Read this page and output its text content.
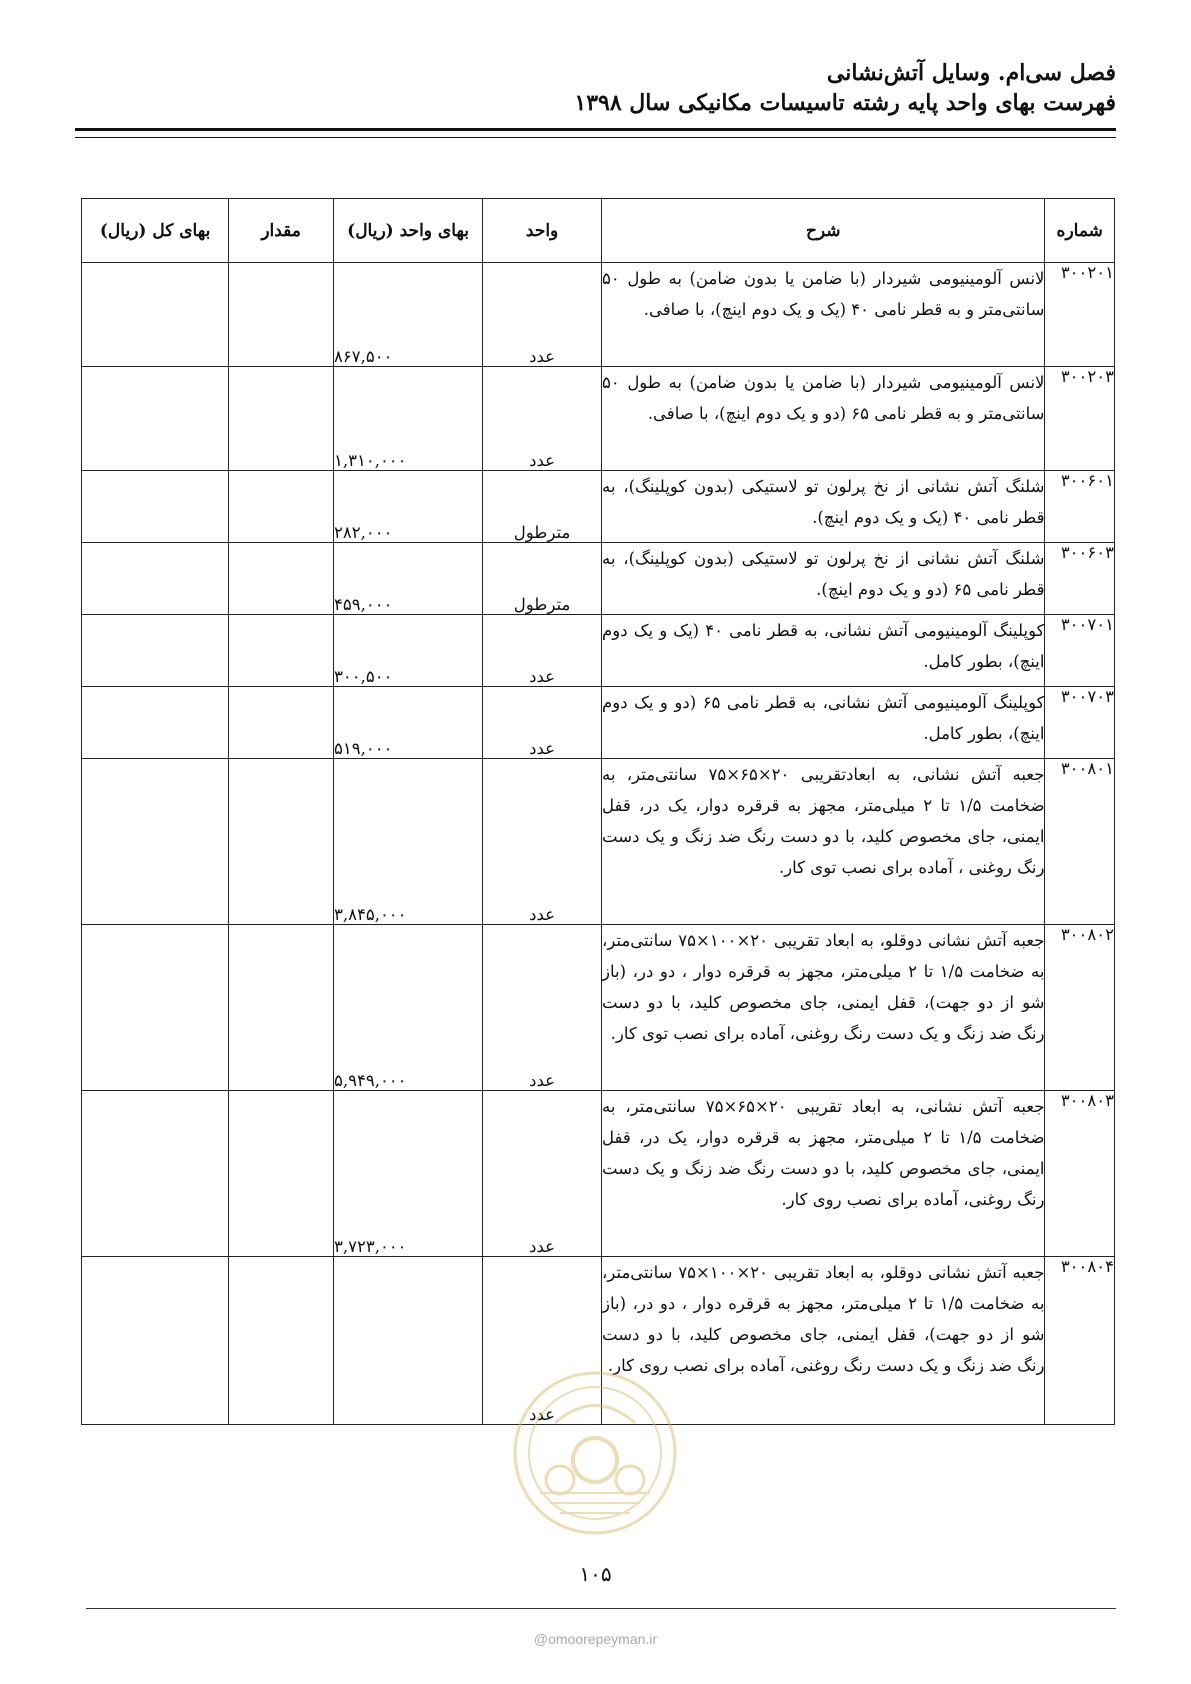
فصل سی‌ام. وسایل آتش‌نشانی

فهرست بهای واحد پایه رشته تاسیسات مکانیکی سال ۱۳۹۸

شماره	شرح	واحد	بهای واحد (ریال)	مقدار	بهای کل (ریال)
۳۰۰۲۰۱	لانس آلومینیومی شیردار (با ضامن یا بدون ضامن) به طول ۵۰ سانتی‌متر و به قطر نامی ۴۰ (یک و یک دوم اینچ)، با صافی.	عدد	۸۶۷,۵۰۰		
۳۰۰۲۰۳	لانس آلومینیومی شیردار (با ضامن یا بدون ضامن) به طول ۵۰ سانتی‌متر و به قطر نامی ۶۵ (دو و یک دوم اینچ)، با صافی.	عدد	۱,۳۱۰,۰۰۰		
۳۰۰۶۰۱	شلنگ آتش نشانی از نخ پرلون تو لاستیکی (بدون کوپلینگ)، به قطر نامی ۴۰ (یک و یک دوم اینچ).	مترطول	۲۸۲,۰۰۰		
۳۰۰۶۰۳	شلنگ آتش نشانی از نخ پرلون تو لاستیکی (بدون کوپلینگ)، به قطر نامی ۶۵ (دو و یک دوم اینچ).	مترطول	۴۵۹,۰۰۰		
۳۰۰۷۰۱	کوپلینگ آلومینیومی آتش نشانی، به قطر نامی ۴۰ (یک و یک دوم اینچ)، بطور کامل.	عدد	۳۰۰,۵۰۰		
۳۰۰۷۰۳	کوپلینگ آلومینیومی آتش نشانی، به قطر نامی ۶۵ (دو و یک دوم اینچ)، بطور کامل.	عدد	۵۱۹,۰۰۰		
۳۰۰۸۰۱	جعبه آتش نشانی، به ابعادتقریبی ۲۰×۶۵×۷۵ سانتی‌متر، به ضخامت ۱/۵ تا ۲ میلی‌متر، مجهز به قرقره دوار، یک در، قفل ایمنی، جای مخصوص کلید، با دو دست رنگ ضد زنگ و یک دست رنگ روغنی ، آماده برای نصب توی کار.	عدد	۳,۸۴۵,۰۰۰		
۳۰۰۸۰۲	جعبه آتش نشانی دوقلو، به ابعاد تقریبی ۲۰×۱۰۰×۷۵ سانتی‌متر، به ضخامت ۱/۵ تا ۲ میلی‌متر، مجهز به قرقره دوار ، دو در، (باز شو از دو جهت)، قفل ایمنی، جای مخصوص کلید، با دو دست رنگ ضد زنگ و یک دست رنگ روغنی، آماده برای نصب توی کار.	عدد	۵,۹۴۹,۰۰۰		
۳۰۰۸۰۳	جعبه آتش نشانی، به ابعاد تقریبی ۲۰×۶۵×۷۵ سانتی‌متر، به ضخامت ۱/۵ تا ۲ میلی‌متر، مجهز به قرقره دوار، یک در، قفل ایمنی، جای مخصوص کلید، با دو دست رنگ ضد زنگ و یک دست رنگ روغنی، آماده برای نصب روی کار.	عدد	۳,۷۲۳,۰۰۰		
۳۰۰۸۰۴	جعبه آتش نشانی دوقلو، به ابعاد تقریبی ۲۰×۱۰۰×۷۵ سانتی‌متر، به ضخامت ۱/۵ تا ۲ میلی‌متر، مجهز به قرقره دوار ، دو در، (باز شو از دو جهت)، قفل ایمنی، جای مخصوص کلید، با دو دست رنگ ضد زنگ و یک دست رنگ روغنی، آماده برای نصب روی کار.	عدد			
۱۰۵
@omoorepeyman.ir
